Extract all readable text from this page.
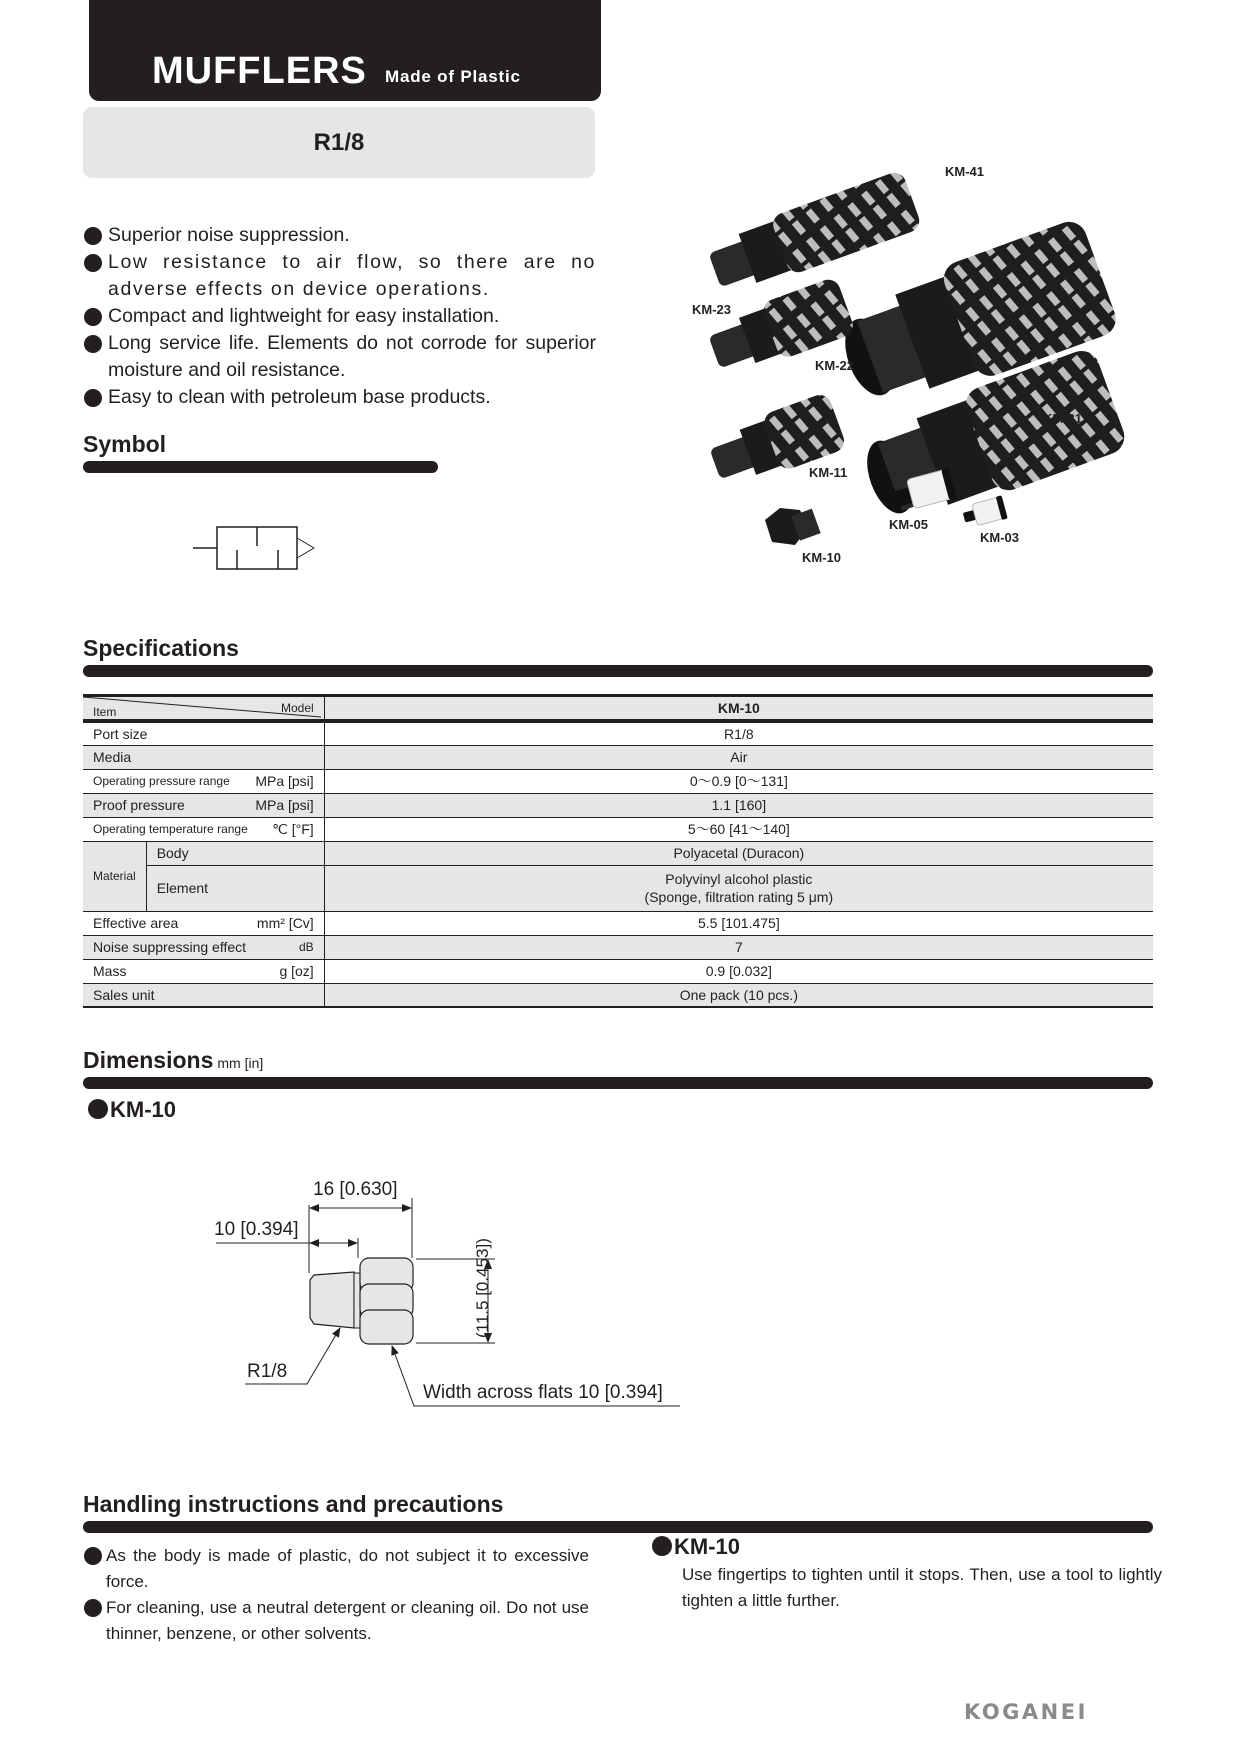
MUFFLERS Made of Plastic
R1/8
Superior noise suppression.
Low resistance to air flow, so there are no adverse effects on device operations.
Compact and lightweight for easy installation.
Long service life. Elements do not corrode for superior moisture and oil resistance.
Easy to clean with petroleum base products.
KM-41
KM-23
KM-22
KM-31
KM-11
KM-05
KM-03
KM-10
Symbol
Specifications
Item Model		KM-10

Port size		R1/8

Media		Air

Operating pressure range MPa [psi]		0～0.9 [0～131]

Proof pressure MPa [psi]		1.1 [160]

Operating temperature range ℃ [°F]		5～60 [41～140]
Material	Body	Polyacetal (Duracon)
	Element	Polyvinyl alcohol plastic
(Sponge, filtration rating 5 μm)

Effective area mm² [Cv]		5.5 [101.475]

Noise suppressing effect dB		7

Mass g [oz]		0.9 [0.032]

Sales unit		One pack (10 pcs.)
Dimensions mm [in]
KM-10
16 [0.630]
10 [0.394]
(11.5 [0.453])
R1/8
Width across flats 10 [0.394]
Handling instructions and precautions
As the body is made of plastic, do not subject it to excessive force.
For cleaning, use a neutral detergent or cleaning oil. Do not use thinner, benzene, or other solvents.
KM-10
Use fingertips to tighten until it stops. Then, use a tool to lightly tighten a little further.
KOGANEI
